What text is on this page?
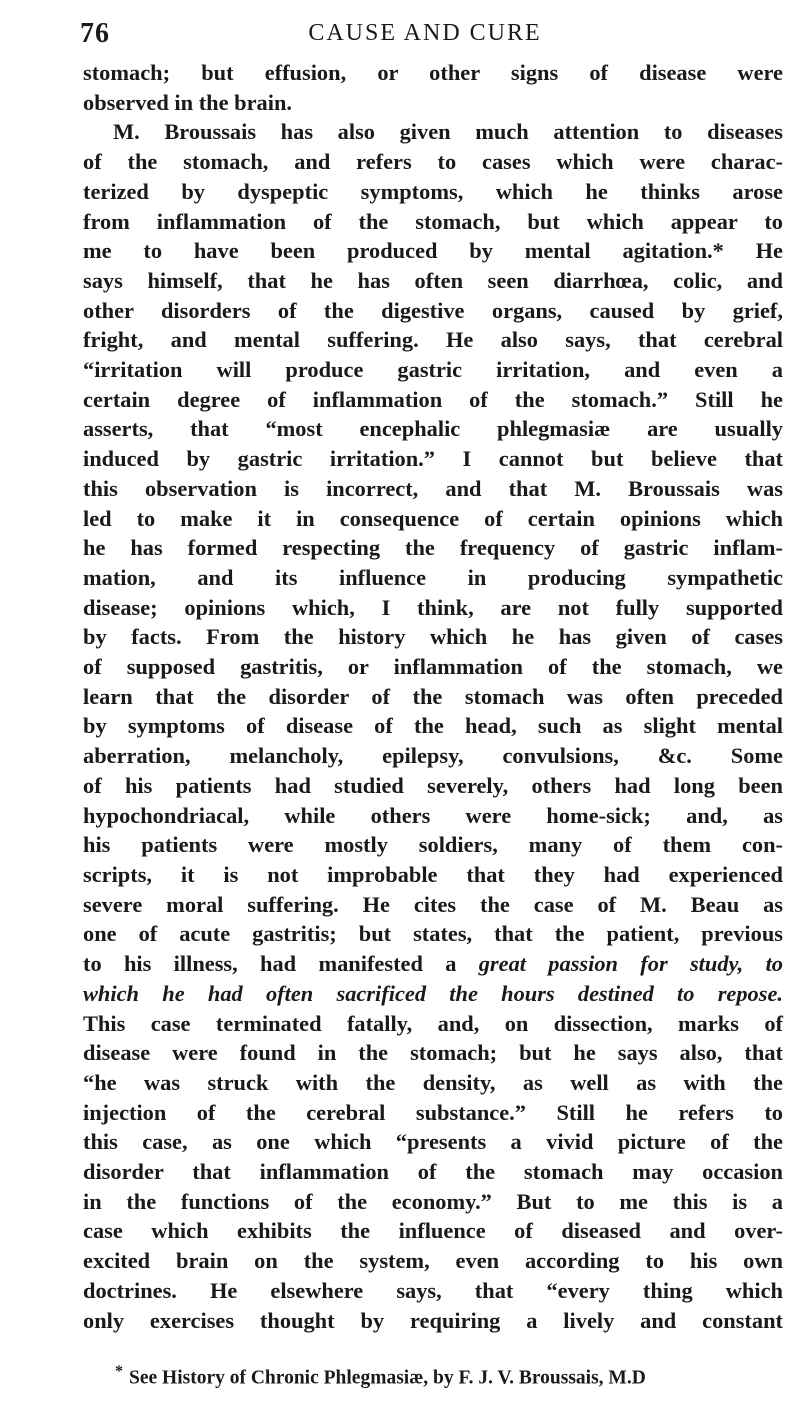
76	CAUSE AND CURE
stomach; but effusion, or other signs of disease were
observed in the brain.
M. Broussais has also given much attention to diseases
of the stomach, and refers to cases which were charac-
terized by dyspeptic symptoms, which he thinks arose
from inflammation of the stomach, but which appear to
me to have been produced by mental agitation.* He
says himself, that he has often seen diarrhœa, colic, and
other disorders of the digestive organs, caused by grief,
fright, and mental suffering. He also says, that cerebral
“irritation will produce gastric irritation, and even a
certain degree of inflammation of the stomach.” Still he
asserts, that “most encephalic phlegmasiæ are usually
induced by gastric irritation.” I cannot but believe that
this observation is incorrect, and that M. Broussais was
led to make it in consequence of certain opinions which
he has formed respecting the frequency of gastric inflam-
mation, and its influence in producing sympathetic
disease; opinions which, I think, are not fully supported
by facts. From the history which he has given of cases
of supposed gastritis, or inflammation of the stomach, we
learn that the disorder of the stomach was often preceded
by symptoms of disease of the head, such as slight mental
aberration, melancholy, epilepsy, convulsions, &c. Some
of his patients had studied severely, others had long been
hypochondriacal, while others were home-sick; and, as
his patients were mostly soldiers, many of them con-
scripts, it is not improbable that they had experienced
severe moral suffering. He cites the case of M. Beau as
one of acute gastritis; but states, that the patient, previous
to his illness, had manifested a great passion for study, to
which he had often sacrificed the hours destined to repose.
This case terminated fatally, and, on dissection, marks of
disease were found in the stomach; but he says also, that
“he was struck with the density, as well as with the
injection of the cerebral substance.” Still he refers to
this case, as one which “presents a vivid picture of the
disorder that inflammation of the stomach may occasion
in the functions of the economy.” But to me this is a
case which exhibits the influence of diseased and over-
excited brain on the system, even according to his own
doctrines. He elsewhere says, that “every thing which
only exercises thought by requiring a lively and constant
* See History of Chronic Phlegmasiæ, by F. J. V. Broussais, M.D
